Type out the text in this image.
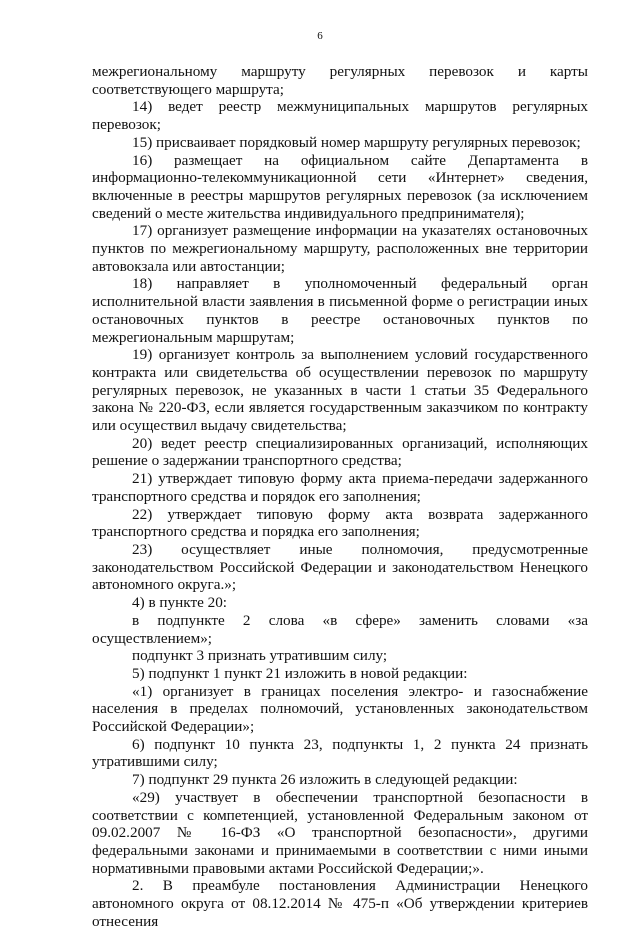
6

межрегиональному маршруту регулярных перевозок и карты соответствующего маршрута;

14) ведет реестр межмуниципальных маршрутов регулярных перевозок;

15) присваивает порядковый номер маршруту регулярных перевозок;

16) размещает на официальном сайте Департамента в информационно-телекоммуникационной сети «Интернет» сведения, включенные в реестры маршрутов регулярных перевозок (за исключением сведений о месте жительства индивидуального предпринимателя);

17) организует размещение информации на указателях остановочных пунктов по межрегиональному маршруту, расположенных вне территории автовокзала или автостанции;

18) направляет в уполномоченный федеральный орган исполнительной власти заявления в письменной форме о регистрации иных остановочных пунктов в реестре остановочных пунктов по межрегиональным маршрутам;

19) организует контроль за выполнением условий государственного контракта или свидетельства об осуществлении перевозок по маршруту регулярных перевозок, не указанных в части 1 статьи 35 Федерального закона № 220-ФЗ, если является государственным заказчиком по контракту или осуществил выдачу свидетельства;

20) ведет реестр специализированных организаций, исполняющих решение о задержании транспортного средства;

21) утверждает типовую форму акта приема-передачи задержанного транспортного средства и порядок его заполнения;

22) утверждает типовую форму акта возврата задержанного транспортного средства и порядка его заполнения;

23) осуществляет иные полномочия, предусмотренные законодательством Российской Федерации и законодательством Ненецкого автономного округа.»;

4) в пункте 20:

в подпункте 2 слова «в сфере» заменить словами «за осуществлением»;

подпункт 3 признать утратившим силу;

5) подпункт 1 пункт 21 изложить в новой редакции:

«1) организует в границах поселения электро- и газоснабжение населения в пределах полномочий, установленных законодательством Российской Федерации»;

6) подпункт 10 пункта 23, подпункты 1, 2 пункта 24 признать утратившими силу;

7) подпункт 29 пункта 26 изложить в следующей редакции:

«29) участвует в обеспечении транспортной безопасности в соответствии с компетенцией, установленной Федеральным законом от 09.02.2007 № 16-ФЗ «О транспортной безопасности», другими федеральными законами и принимаемыми в соответствии с ними иными нормативными правовыми актами Российской Федерации;».

2. В преамбуле постановления Администрации Ненецкого автономного округа от 08.12.2014 № 475-п «Об утверждении критериев отнесения
